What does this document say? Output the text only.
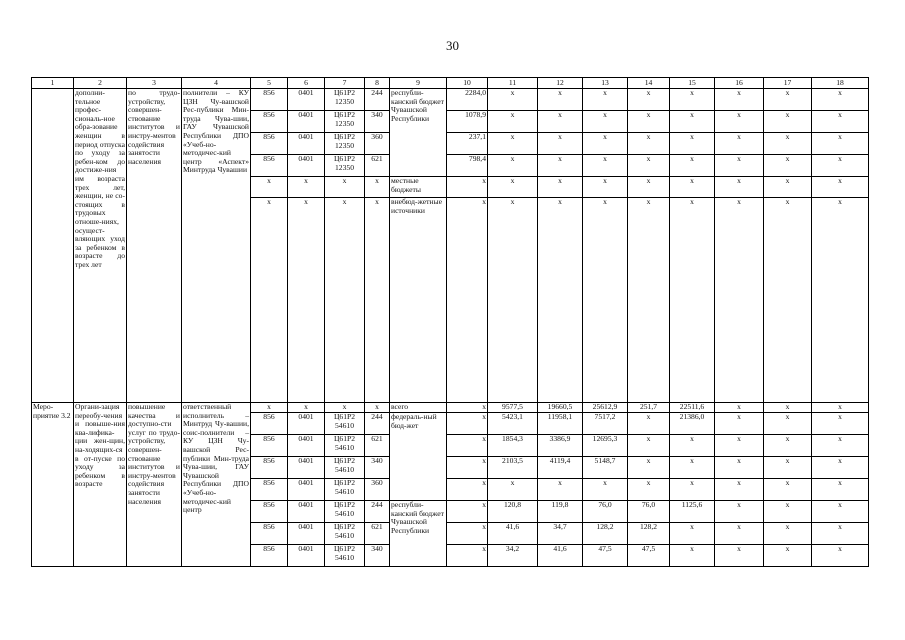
30
1	2	3	4	5	6	7	8	9	10	11	12	13	14	15	16	17	18
	дополни-тельное профес-сиональ-ное обра-зование женщин в период отпуска по уходу за ребен-ком до достиже-ния им возраста трех лет, женщин, не со-стоящих в трудовых отноше-ниях, осущест-вляющих уход за ребенком в возрасте до трех лет	по трудо-устройству, совершен-ствование институтов и инстру-ментов содействия занятости населения	полнители – КУ ЦЗН Чу-вашской Рес-публики Мин-труда Чува-шии, ГАУ Чувашской Республики ДПО «Учеб-но-методичес-кий центр «Аспект» Минтруда Чувашии	856	0401	Ц61Р2 12350	244	республи-канский бюджет Чувашской Республики	2284,0	x	x	x	x	x	x	x	x
				856	0401	Ц61Р2 12350	340		1078,9	x	x	x	x	x	x	x	x
				856	0401	Ц61Р2 12350	360		237,1	x	x	x	x	x	x	x	x
				856	0401	Ц61Р2 12350	621		798,4	x	x	x	x	x	x	x	x
				x	x	x	x	местные бюджеты	x	x	x	x	x	x	x	x	x
				x	x	x	x	внебюд-жетные источники	x	x	x	x	x	x	x	x	x
Меро-приятие 3.2	Органи-зация переобу-чения и повыше-ния ква-лифика-ции жен-щин, на-ходящих-ся в от-пуске по уходу за ребенком в возрасте	повышение качества и доступно-сти услуг по трудо-устройству, совершен-ствование институтов и инстру-ментов содействия занятости населения	ответственный исполнитель – Минтруд Чу-вашии, соис-полнители – КУ ЦЗН Чу-вашской Рес-публики Мин-труда Чува-шии, ГАУ Чувашской Республики ДПО «Учеб-но-методичес-кий центр	x	x	x	x	всего	x	9577,5	19660,5	25612,9	251,7	22511,6	x	x	x
				856	0401	Ц61Р2 54610	244	федераль-ный бюд-жет	x	5423,1	11958,1	7517,2	x	21386,0	x	x	x
				856	0401	Ц61Р2 54610	621		x	1854,3	3386,9	12695,3	x	x	x	x	x
				856	0401	Ц61Р2 54610	340		x	2103,5	4119,4	5148,7	x	x	x	x	x
				856	0401	Ц61Р2 54610	360		x	x	x	x	x	x	x	x	x
				856	0401	Ц61Р2 54610	244	республи-канский бюджет Чувашской Республики	x	120,8	119,8	76,0	76,0	1125,6	x	x	x
				856	0401	Ц61Р2 54610	621		x	41,6	34,7	128,2	128,2	x	x	x	x
				856	0401	Ц61Р2 54610	340		x	34,2	41,6	47,5	47,5	x	x	x	x
